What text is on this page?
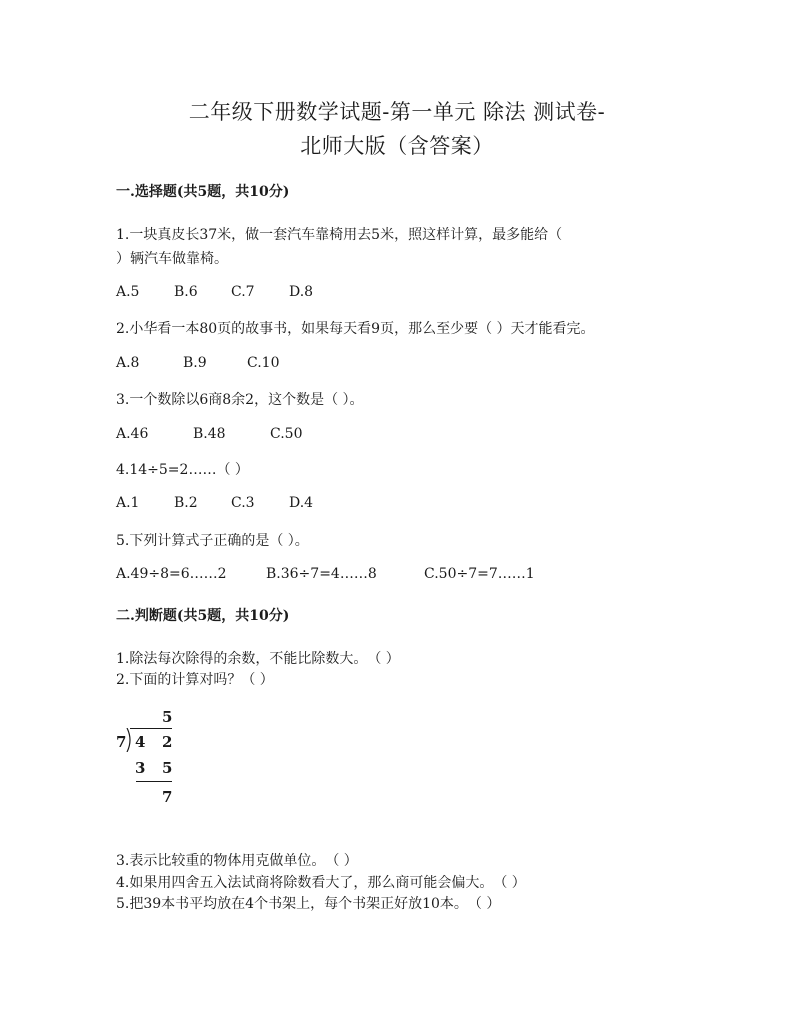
二年级下册数学试题-第一单元 除法 测试卷-
北师大版（含答案）
一.选择题(共5题，共10分)
1.一块真皮长37米，做一套汽车靠椅用去5米，照这样计算，最多能给（
）辆汽车做靠椅。
A.5 B.6 C.7 D.8
2.小华看一本80页的故事书，如果每天看9页，那么至少要（ ）天才能看完。
A.8	B.9	C.10
3.一个数除以6商8余2，这个数是（ ）。
A.46	B.48	C.50
4.14÷5=2……（ ）
A.1 B.2 C.3 D.4
5.下列计算式子正确的是（ ）。
A.49÷8=6……2	B.36÷7=4……8	C.50÷7=7……1
二.判断题(共5题，共10分)
1.除法每次除得的余数，不能比除数大。　（ ）
2.下面的计算对吗？（ ）
5
7 4 2
3 5
7
3.表示比较重的物体用克做单位。　（ ）
4.如果用四舍五入法试商将除数看大了，那么商可能会偏大。　（ ）
5.把39本书平均放在4个书架上，每个书架正好放10本。　（ ）
